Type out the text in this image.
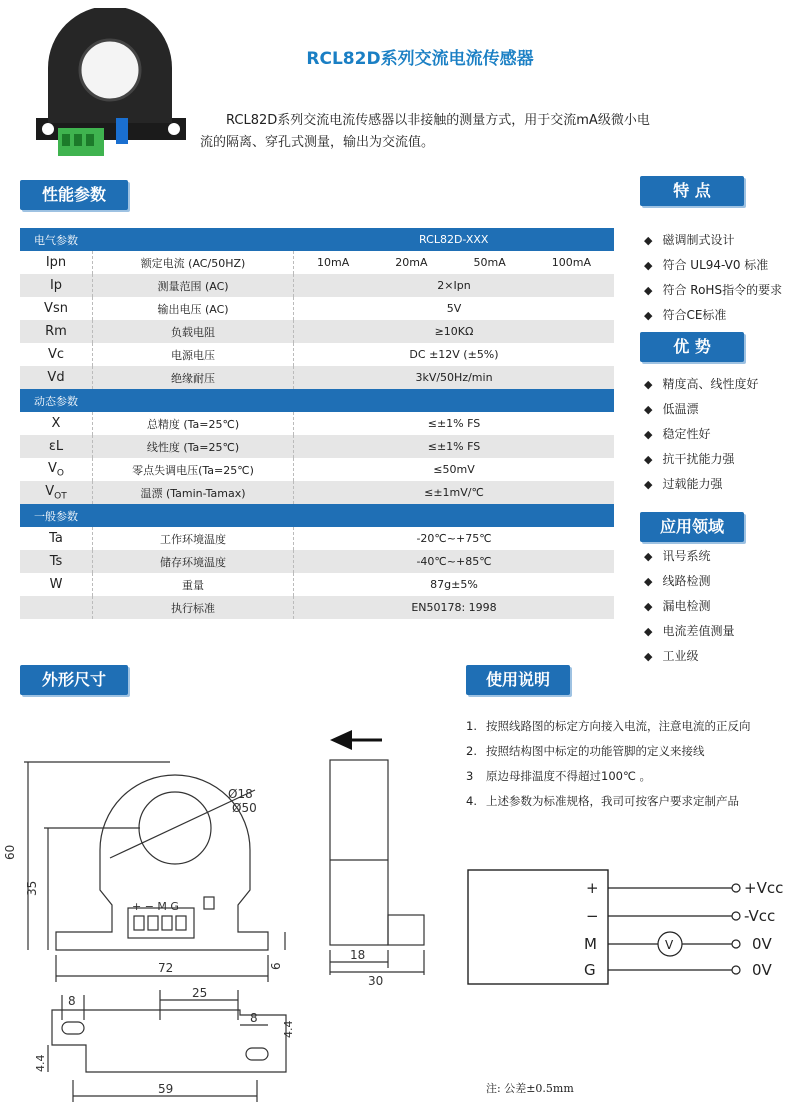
RCL82D系列交流电流传感器
RCL82D系列交流电流传感器以非接触的测量方式，用于交流mA级微小电流的隔离、穿孔式测量，输出为交流值。
性能参数	特 点
优 势
应用领域
外形尺寸	使用说明
电气参数		RCL82D-XXX
Ipn	额定电流 (AC/50HZ)	10mA 20mA 50mA 100mA

Ip	测量范围 (AC)	2×Ipn
Vsn	输出电压 (AC)	5V
Rm	负载电阻	≥10KΩ
Vc	电源电压	DC ±12V (±5%)
Vd	绝缘耐压	3kV/50Hz/min
动态参数		
X	总精度 (Ta=25℃)	≤±1% FS
εL	线性度 (Ta=25℃)	≤±1% FS
$V_O$	零点失调电压(Ta=25℃)	≤50mV
$V_{OT}$	温漂 (Tamin-Tamax)	≤±1mV/℃
一般参数		
Ta	工作环境温度	-20℃~+75℃
Ts	储存环境温度	-40℃~+85℃
W	重量	87g±5%
	执行标准	EN50178: 1998
◆ 磁调制式设计
◆ 符合 UL94-V0 标准
◆ 符合 RoHS指令的要求
◆ 符合CE标准
◆ 精度高、线性度好
◆ 低温漂
◆ 稳定性好
◆ 抗干扰能力强
◆ 过载能力强
◆ 讯号系统
◆ 线路检测
◆ 漏电检测
◆ 电流差值测量
◆ 工业级
1. 按照线路图的标定方向接入电流，注意电流的正反向
2. 按照结构图中标定的功能管脚的定义来接线
3 原边母排温度不得超过100℃ 。
4. 上述参数为标准规格，我司可按客户要求定制产品
60
35
72	6
Ø18
Ø50
+ − M G
18
30
8
25
8
4.4
4.4
59
+
−
M
G
+Vcc
-Vcc
0V
0V
V
注: 公差±0.5mm
